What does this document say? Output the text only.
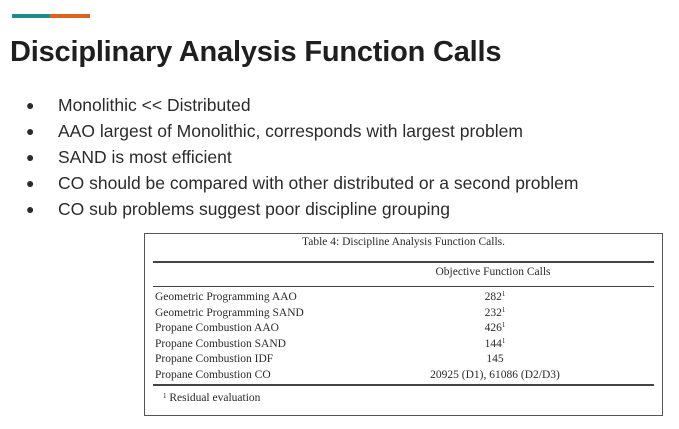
Disciplinary Analysis Function Calls
●	Monolithic << Distributed
●	AAO largest of Monolithic, corresponds with largest problem
●	SAND is most efficient
●	CO should be compared with other distributed or a second problem
●	CO sub problems suggest poor discipline grouping
Table 4: Discipline Analysis Function Calls.
Objective Function Calls
Geometric Programming AAO	$282^1$
Geometric Programming SAND	$232^1$
Propane Combustion AAO	$426^1$
Propane Combustion SAND	$144^1$
Propane Combustion IDF	145
Propane Combustion CO	20925 (D1), 61086 (D2/D3)
$^1$ Residual evaluation
